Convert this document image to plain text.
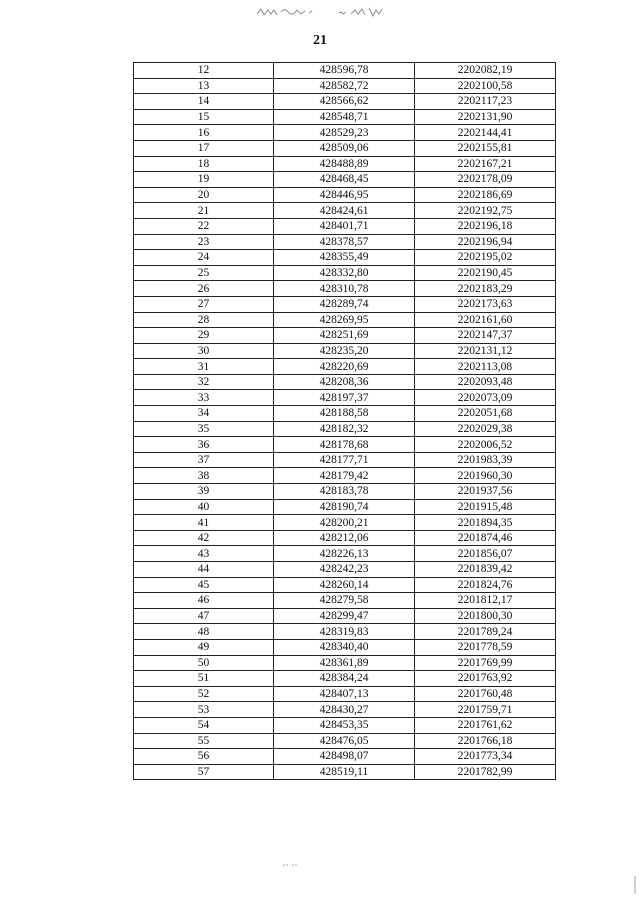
21
12	428596,78	2202082,19
13	428582,72	2202100,58
14	428566,62	2202117,23
15	428548,71	2202131,90
16	428529,23	2202144,41
17	428509,06	2202155,81
18	428488,89	2202167,21
19	428468,45	2202178,09
20	428446,95	2202186,69
21	428424,61	2202192,75
22	428401,71	2202196,18
23	428378,57	2202196,94
24	428355,49	2202195,02
25	428332,80	2202190,45
26	428310,78	2202183,29
27	428289,74	2202173,63
28	428269,95	2202161,60
29	428251,69	2202147,37
30	428235,20	2202131,12
31	428220,69	2202113,08
32	428208,36	2202093,48
33	428197,37	2202073,09
34	428188,58	2202051,68
35	428182,32	2202029,38
36	428178,68	2202006,52
37	428177,71	2201983,39
38	428179,42	2201960,30
39	428183,78	2201937,56
40	428190,74	2201915,48
41	428200,21	2201894,35
42	428212,06	2201874,46
43	428226,13	2201856,07
44	428242,23	2201839,42
45	428260,14	2201824,76
46	428279,58	2201812,17
47	428299,47	2201800,30
48	428319,83	2201789,24
49	428340,40	2201778,59
50	428361,89	2201769,99
51	428384,24	2201763,92
52	428407,13	2201760,48
53	428430,27	2201759,71
54	428453,35	2201761,62
55	428476,05	2201766,18
56	428498,07	2201773,34
57	428519,11	2201782,99
